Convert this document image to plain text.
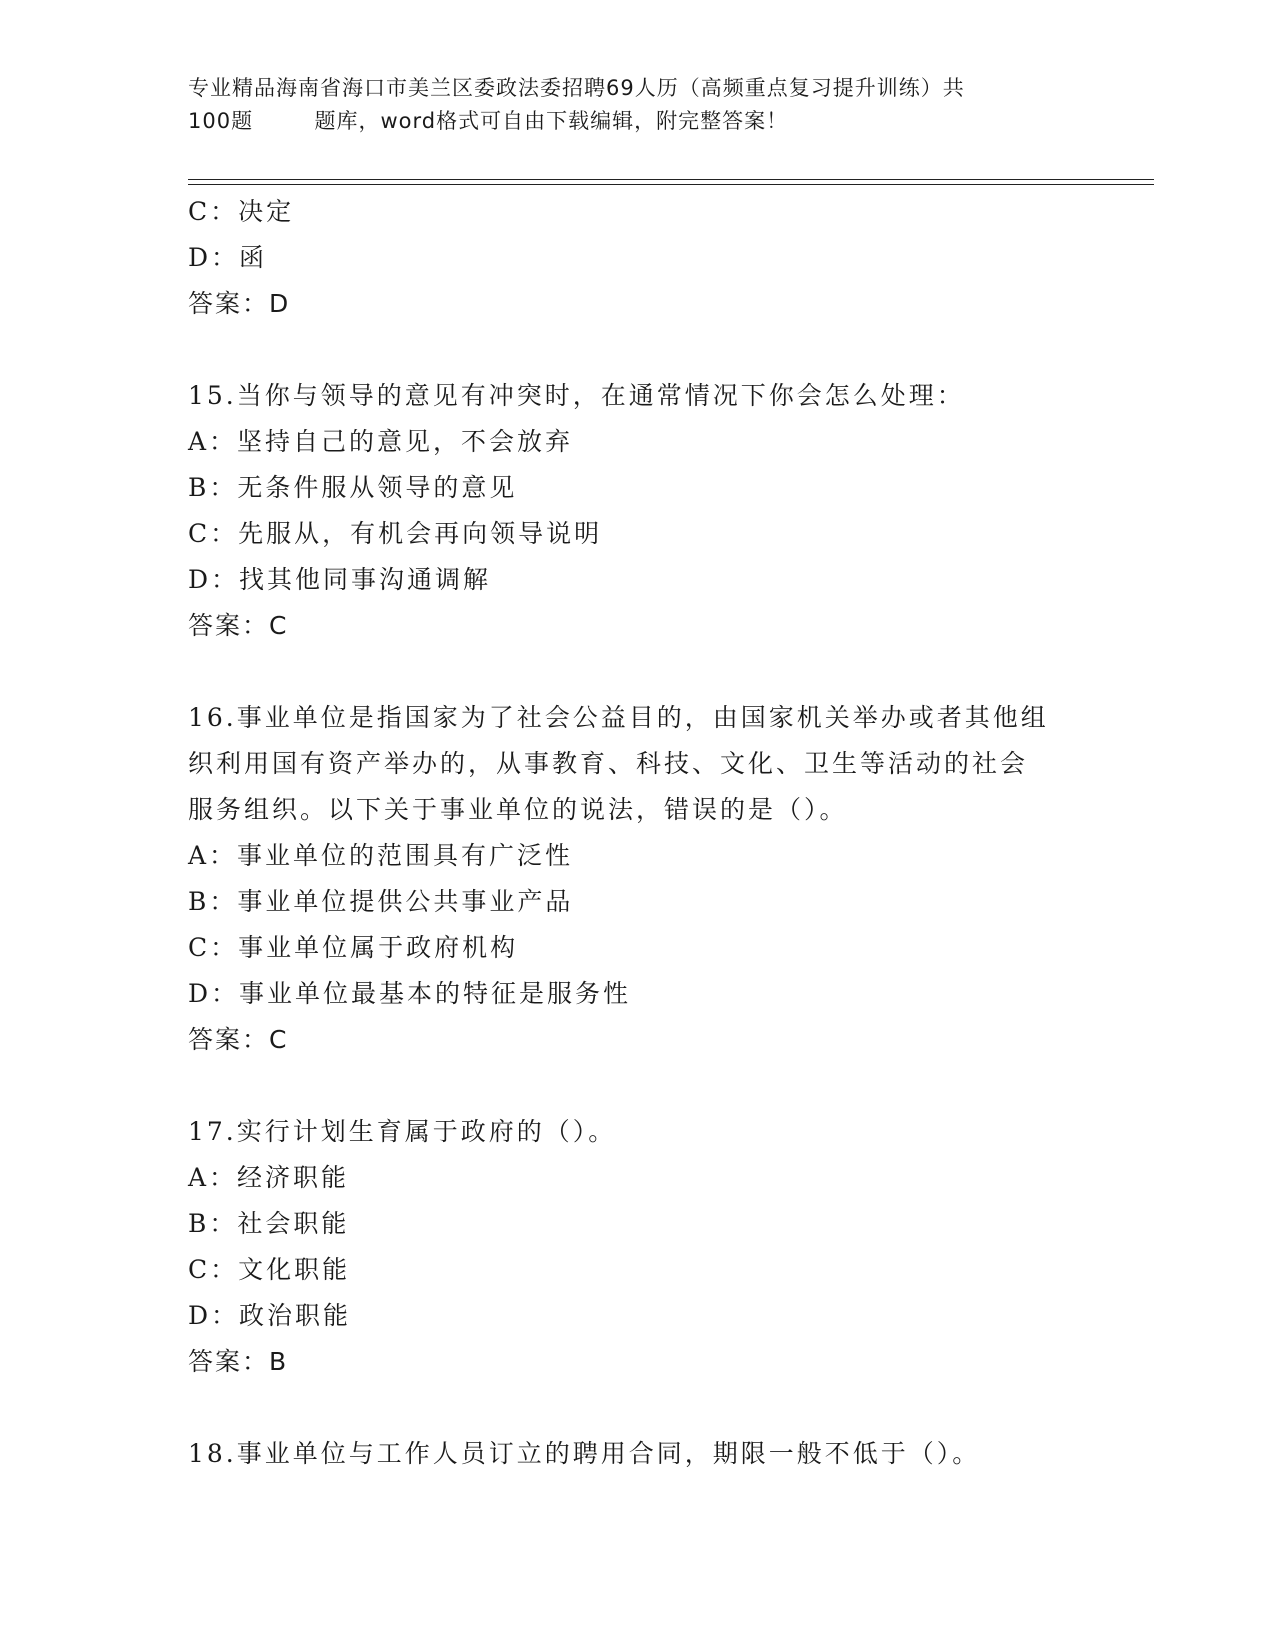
专业精品海南省海口市美兰区委政法委招聘69人历（高频重点复习提升训练）共
100题        题库，word格式可自由下载编辑，附完整答案！
C：决定
D：函
答案：D
15.当你与领导的意见有冲突时，在通常情况下你会怎么处理：
A：坚持自己的意见，不会放弃
B：无条件服从领导的意见
C：先服从，有机会再向领导说明
D：找其他同事沟通调解
答案：C
16.事业单位是指国家为了社会公益目的，由国家机关举办或者其他组
织利用国有资产举办的，从事教育、科技、文化、卫生等活动的社会
服务组织。以下关于事业单位的说法，错误的是（）。
A：事业单位的范围具有广泛性
B：事业单位提供公共事业产品
C：事业单位属于政府机构
D：事业单位最基本的特征是服务性
答案：C
17.实行计划生育属于政府的（）。
A：经济职能
B：社会职能
C：文化职能
D：政治职能
答案：B
18.事业单位与工作人员订立的聘用合同，期限一般不低于（）。
